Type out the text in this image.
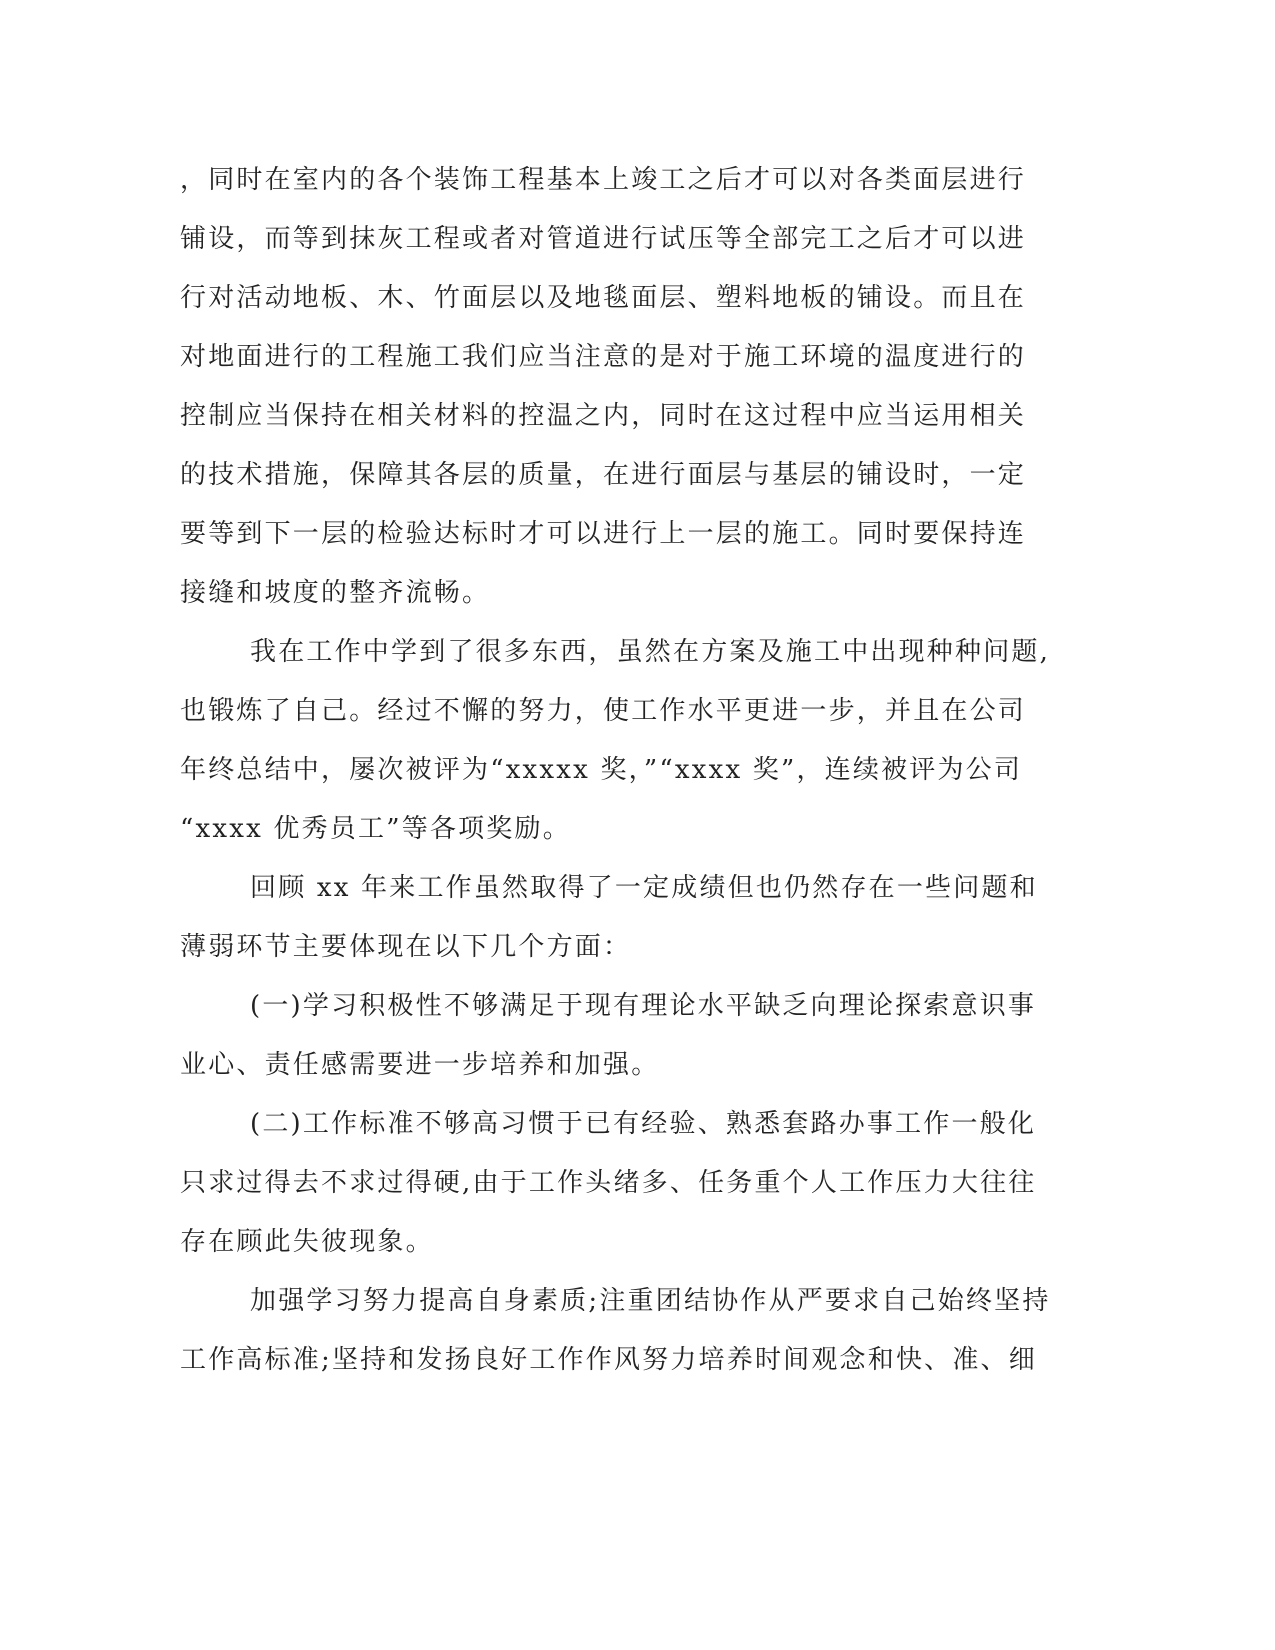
，同时在室内的各个装饰工程基本上竣工之后才可以对各类面层进行
铺设，而等到抹灰工程或者对管道进行试压等全部完工之后才可以进
行对活动地板、木、竹面层以及地毯面层、塑料地板的铺设。而且在
对地面进行的工程施工我们应当注意的是对于施工环境的温度进行的
控制应当保持在相关材料的控温之内，同时在这过程中应当运用相关
的技术措施，保障其各层的质量，在进行面层与基层的铺设时，一定
要等到下一层的检验达标时才可以进行上一层的施工。同时要保持连
接缝和坡度的整齐流畅。
我在工作中学到了很多东西，虽然在方案及施工中出现种种问题,
也锻炼了自己。经过不懈的努力，使工作水平更进一步，并且在公司
年终总结中，屡次被评为“xxxxx 奖，”“xxxx 奖”，连续被评为公司
“xxxx 优秀员工”等各项奖励。
回顾 xx 年来工作虽然取得了一定成绩但也仍然存在一些问题和
薄弱环节主要体现在以下几个方面：
(一)学习积极性不够满足于现有理论水平缺乏向理论探索意识事
业心、责任感需要进一步培养和加强。
(二)工作标准不够高习惯于已有经验、熟悉套路办事工作一般化
只求过得去不求过得硬,由于工作头绪多、任务重个人工作压力大往往
存在顾此失彼现象。
加强学习努力提高自身素质;注重团结协作从严要求自己始终坚持
工作高标准;坚持和发扬良好工作作风努力培养时间观念和快、准、细
